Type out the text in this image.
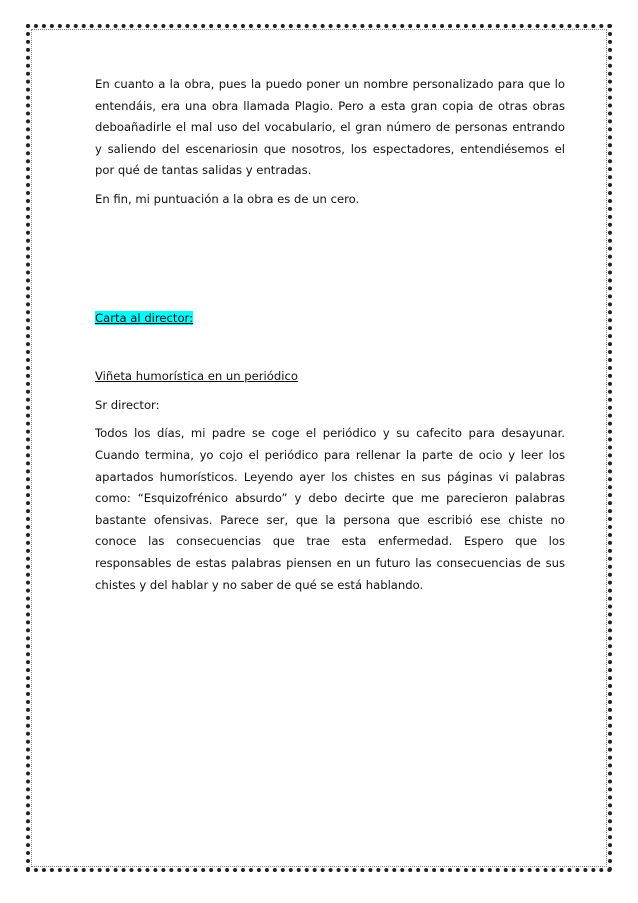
En cuanto a la obra, pues la puedo poner un nombre personalizado para que lo entendáis, era una obra llamada Plagio. Pero a esta gran copia de otras obras deboañadirle el mal uso del vocabulario, el gran número de personas entrando y saliendo del escenariosin que nosotros, los espectadores, entendiésemos el por qué de tantas salidas y entradas.

En fin, mi puntuación a la obra es de un cero.

Carta al director:

Viñeta humorística en un periódico

Sr director:

Todos los días, mi padre se coge el periódico y su cafecito para desayunar. Cuando termina, yo cojo el periódico para rellenar la parte de ocio y leer los apartados humorísticos. Leyendo ayer los chistes en sus páginas vi palabras como: “Esquizofrénico absurdo” y debo decirte que me parecieron palabras bastante ofensivas. Parece ser, que la persona que escribió ese chiste no conoce las consecuencias que trae esta enfermedad. Espero que los responsables de estas palabras piensen en un futuro las consecuencias de sus chistes y del hablar y no saber de qué se está hablando.
